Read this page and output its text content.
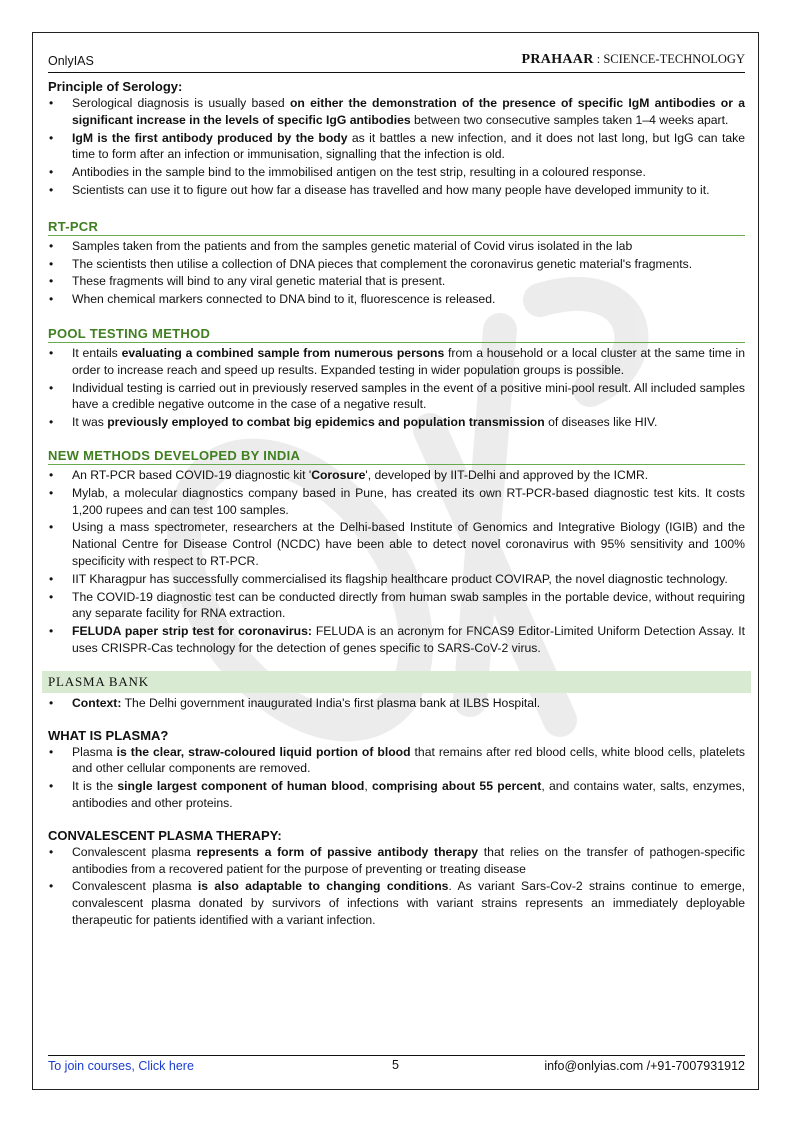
OnlyIAS	PRAHAAR : SCIENCE-TECHNOLOGY
Principle of Serology:
• Serological diagnosis is usually based on either the demonstration of the presence of specific IgM antibodies or a significant increase in the levels of specific IgG antibodies between two consecutive samples taken 1–4 weeks apart.
• IgM is the first antibody produced by the body as it battles a new infection, and it does not last long, but IgG can take time to form after an infection or immunisation, signalling that the infection is old.
• Antibodies in the sample bind to the immobilised antigen on the test strip, resulting in a coloured response.
• Scientists can use it to figure out how far a disease has travelled and how many people have developed immunity to it.
RT-PCR
• Samples taken from the patients and from the samples genetic material of Covid virus isolated in the lab
• The scientists then utilise a collection of DNA pieces that complement the coronavirus genetic material's fragments.
• These fragments will bind to any viral genetic material that is present.
• When chemical markers connected to DNA bind to it, fluorescence is released.
POOL TESTING METHOD
• It entails evaluating a combined sample from numerous persons from a household or a local cluster at the same time in order to increase reach and speed up results. Expanded testing in wider population groups is possible.
• Individual testing is carried out in previously reserved samples in the event of a positive mini-pool result. All included samples have a credible negative outcome in the case of a negative result.
• It was previously employed to combat big epidemics and population transmission of diseases like HIV.
NEW METHODS DEVELOPED BY INDIA
• An RT-PCR based COVID-19 diagnostic kit 'Corosure', developed by IIT-Delhi and approved by the ICMR.
• Mylab, a molecular diagnostics company based in Pune, has created its own RT-PCR-based diagnostic test kits. It costs 1,200 rupees and can test 100 samples.
• Using a mass spectrometer, researchers at the Delhi-based Institute of Genomics and Integrative Biology (IGIB) and the National Centre for Disease Control (NCDC) have been able to detect novel coronavirus with 95% sensitivity and 100% specificity with respect to RT-PCR.
• IIT Kharagpur has successfully commercialised its flagship healthcare product COVIRAP, the novel diagnostic technology.
• The COVID-19 diagnostic test can be conducted directly from human swab samples in the portable device, without requiring any separate facility for RNA extraction.
• FELUDA paper strip test for coronavirus: FELUDA is an acronym for FNCAS9 Editor-Limited Uniform Detection Assay. It uses CRISPR-Cas technology for the detection of genes specific to SARS-CoV-2 virus.
PLASMA BANK
• Context: The Delhi government inaugurated India's first plasma bank at ILBS Hospital.
WHAT IS PLASMA?
• Plasma is the clear, straw-coloured liquid portion of blood that remains after red blood cells, white blood cells, platelets and other cellular components are removed.
• It is the single largest component of human blood, comprising about 55 percent, and contains water, salts, enzymes, antibodies and other proteins.
CONVALESCENT PLASMA THERAPY:
• Convalescent plasma represents a form of passive antibody therapy that relies on the transfer of pathogen-specific antibodies from a recovered patient for the purpose of preventing or treating disease
• Convalescent plasma is also adaptable to changing conditions. As variant Sars-Cov-2 strains continue to emerge, convalescent plasma donated by survivors of infections with variant strains represents an immediately deployable therapeutic for patients identified with a variant infection.
To join courses, Click here	5	info@onlyias.com /+91-7007931912
